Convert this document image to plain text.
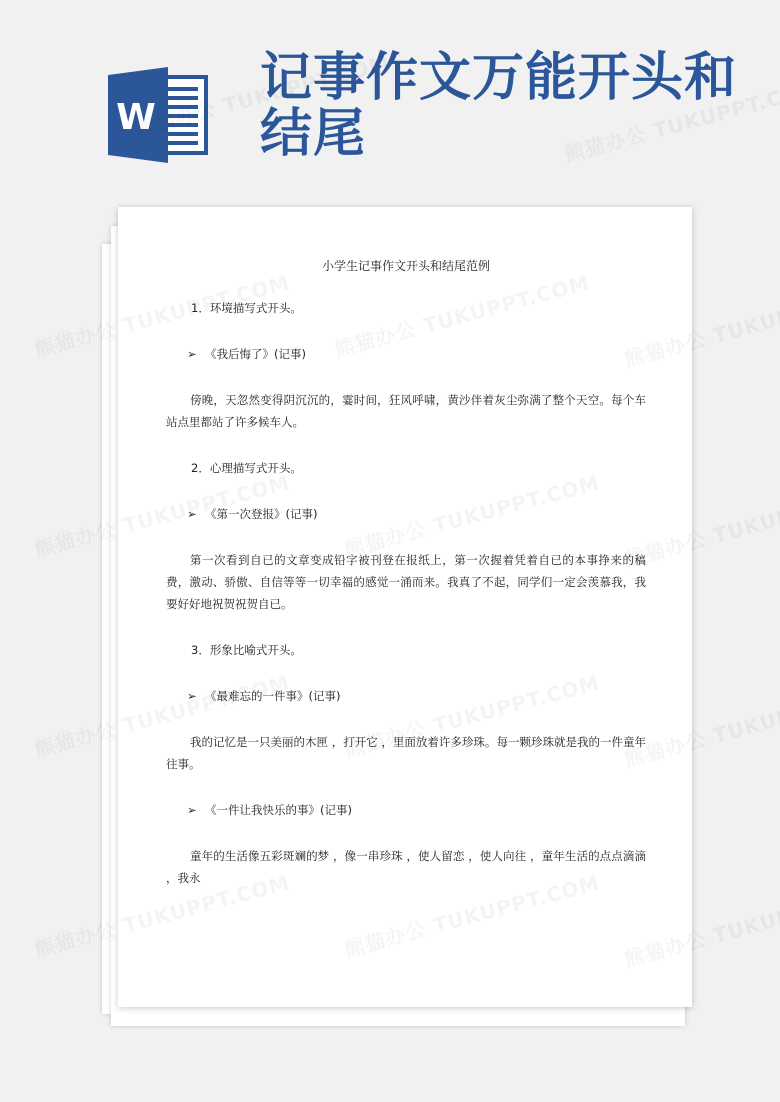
W
记事作文万能开头和结尾
小学生记事作文开头和结尾范例

1．环境描写式开头。

➢ 《我后悔了》(记事)

傍晚，天忽然变得阴沉沉的，霎时间，狂风呼啸，黄沙伴着灰尘弥满了整个天空。每个车站点里都站了许多候车人。

2．心理描写式开头。

➢ 《第一次登报》(记事)

第一次看到自已的文章变成铅字被刊登在报纸上，第一次握着凭着自已的本事挣来的稿费，激动、骄傲、自信等等一切幸福的感觉一涌而来。我真了不起，同学们一定会羡慕我，我要好好地祝贺祝贺自已。

3．形象比喻式开头。

➢ 《最难忘的一件事》(记事)

我的记忆是一只美丽的木匣 ，打开它 ，里面放着许多珍珠。每一颗珍珠就是我的一件童年往事。

➢ 《一件让我快乐的事》(记事)

童年的生活像五彩斑斓的梦 ，像一串珍珠 ，使人留恋 ，使人向往 ，童年生活的点点滴滴 ，我永
